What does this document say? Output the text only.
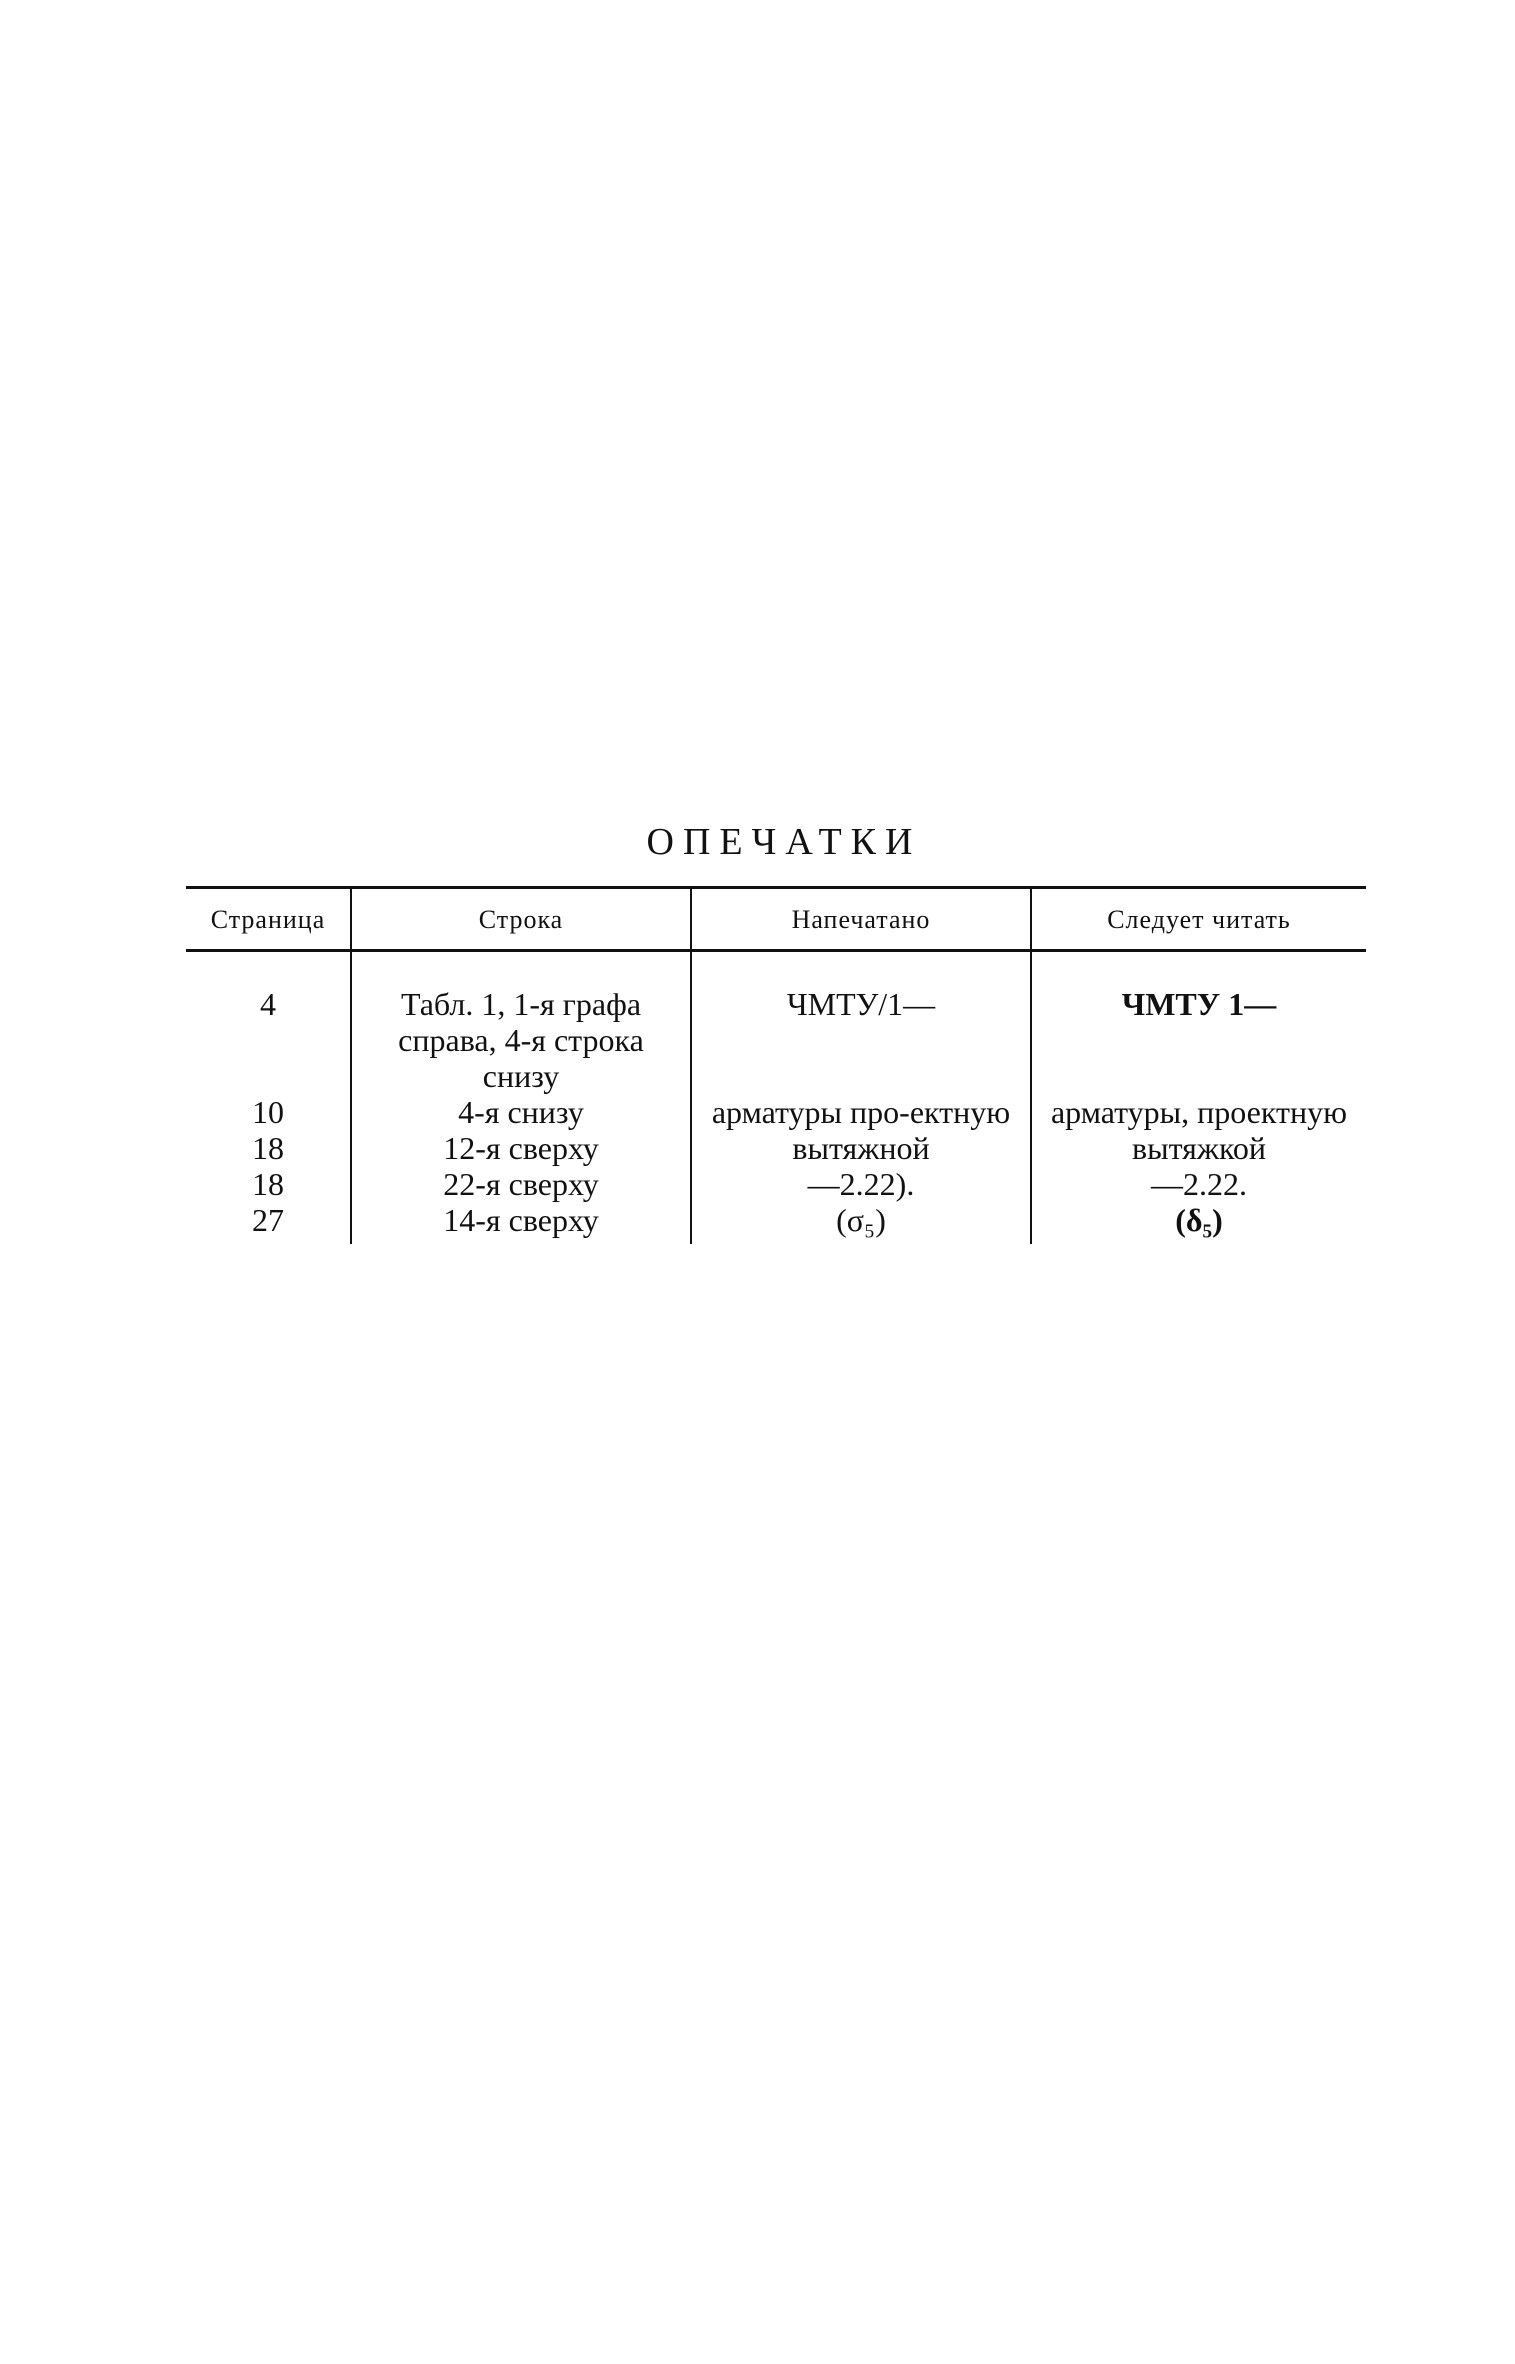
ОПЕЧАТКИ
Страница	Строка	Напечатано	Следует читать
4	Табл. 1, 1-я графа справа, 4-я строка снизу	ЧМТУ/1—	ЧМТУ 1—
10	4-я снизу	арматуры про-ектную	арматуры, проектную
18	12-я сверху	вытяжной	вытяжкой
18	22-я сверху	—2.22).	—2.22.
27	14-я сверху	(σ₅)	(δ₅)
